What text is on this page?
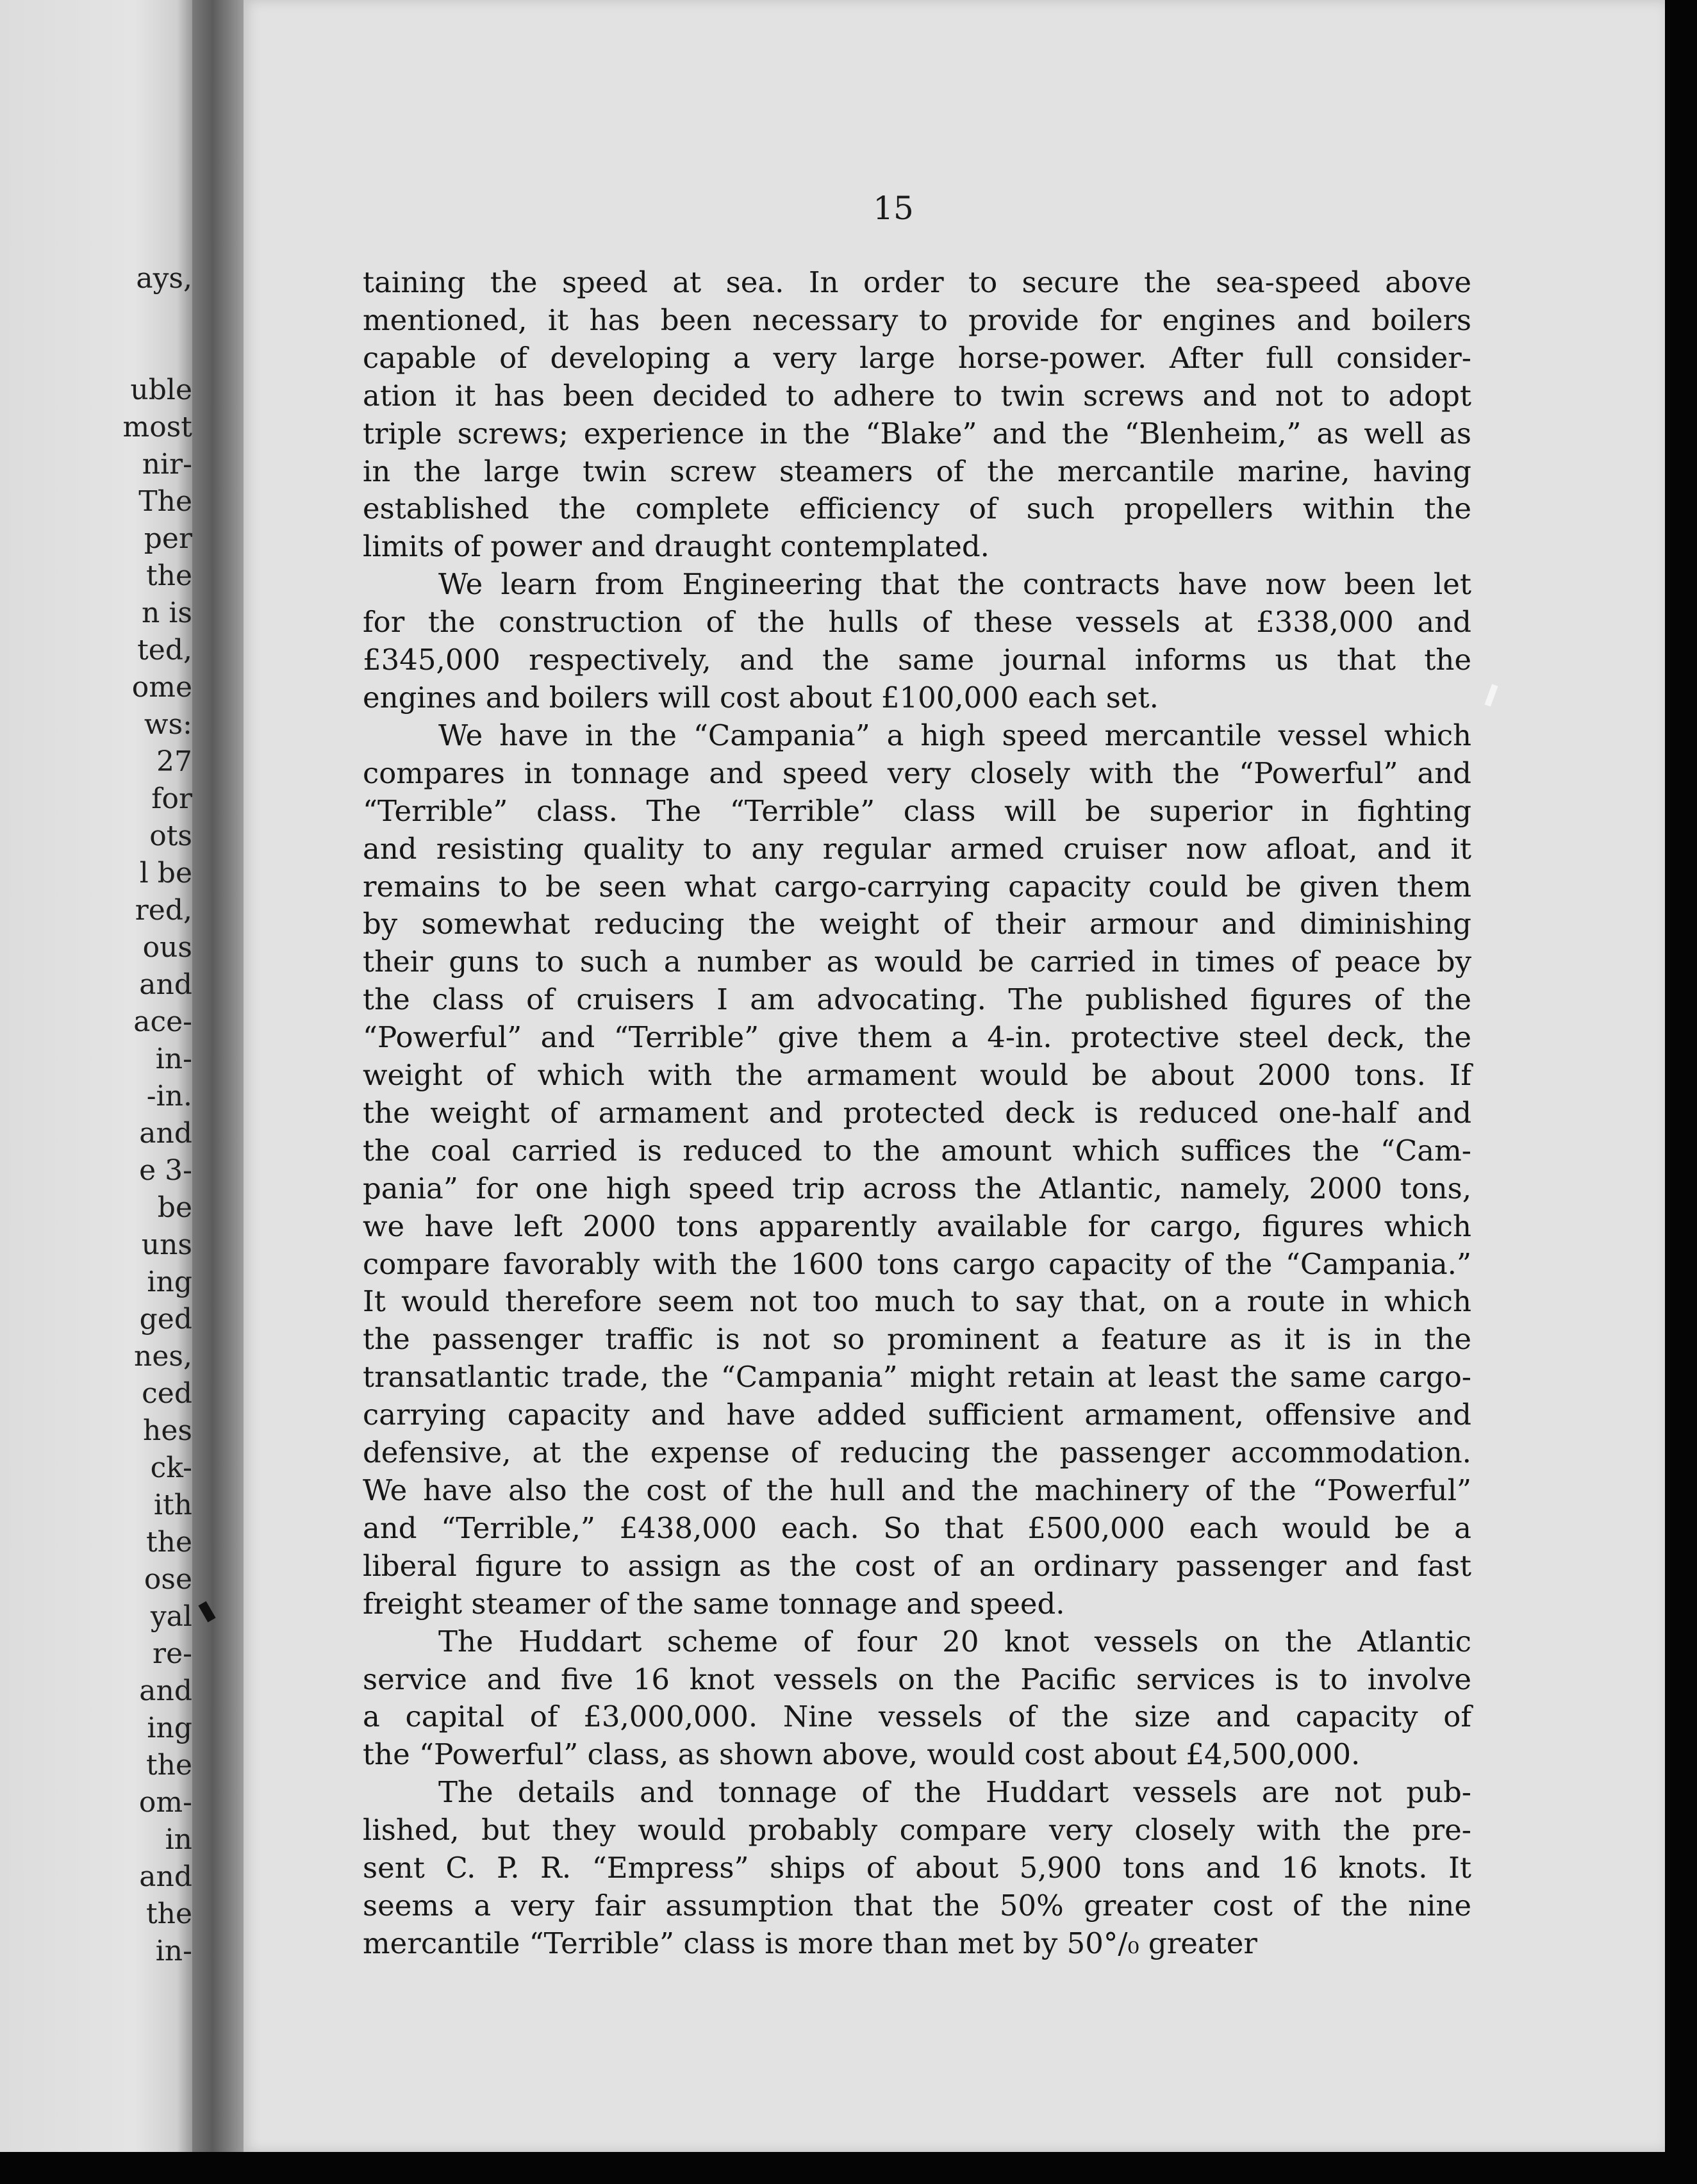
ays,
uble
most
nir-
The
per
the
n is
ted,
ome
ws:
27
for
ots
l be
red,
ous
and
ace-
in-
-in.
and
e 3-
be
uns
ing
ged
nes,
ced
hes
ck-
ith
the
ose
yal
re-
and
ing
the
om-
in
and
the
in-
15

taining the speed at sea. In order to secure the sea-speed above
mentioned, it has been necessary to provide for engines and boilers
capable of developing a very large horse-power. After full consider-
ation it has been decided to adhere to twin screws and not to adopt
triple screws; experience in the “Blake” and the “Blenheim,” as well as
in the large twin screw steamers of the mercantile marine, having
established the complete efficiency of such propellers within the
limits of power and draught contemplated.

We learn from Engineering that the contracts have now been let
for the construction of the hulls of these vessels at £338,000 and
£345,000 respectively, and the same journal informs us that the
engines and boilers will cost about £100,000 each set.

We have in the “Campania” a high speed mercantile vessel which
compares in tonnage and speed very closely with the “Powerful” and
“Terrible” class. The “Terrible” class will be superior in fighting
and resisting quality to any regular armed cruiser now afloat, and it
remains to be seen what cargo-carrying capacity could be given them
by somewhat reducing the weight of their armour and diminishing
their guns to such a number as would be carried in times of peace by
the class of cruisers I am advocating. The published figures of the
“Powerful” and “Terrible” give them a 4-in. protective steel deck, the
weight of which with the armament would be about 2000 tons. If
the weight of armament and protected deck is reduced one-half and
the coal carried is reduced to the amount which suffices the “Cam-
pania” for one high speed trip across the Atlantic, namely, 2000 tons,
we have left 2000 tons apparently available for cargo, figures which
compare favorably with the 1600 tons cargo capacity of the “Campania.”
It would therefore seem not too much to say that, on a route in which
the passenger traffic is not so prominent a feature as it is in the
transatlantic trade, the “Campania” might retain at least the same cargo-
carrying capacity and have added sufficient armament, offensive and
defensive, at the expense of reducing the passenger accommodation.
We have also the cost of the hull and the machinery of the “Powerful”
and “Terrible,” £438,000 each. So that £500,000 each would be a
liberal figure to assign as the cost of an ordinary passenger and fast
freight steamer of the same tonnage and speed.

The Huddart scheme of four 20 knot vessels on the Atlantic
service and five 16 knot vessels on the Pacific services is to involve
a capital of £3,000,000. Nine vessels of the size and capacity of
the “Powerful” class, as shown above, would cost about £4,500,000.

The details and tonnage of the Huddart vessels are not pub-
lished, but they would probably compare very closely with the pre-
sent C. P. R. “Empress” ships of about 5,900 tons and 16 knots. It
seems a very fair assumption that the 50% greater cost of the nine
mercantile “Terrible” class is more than met by 50°/₀ greater
